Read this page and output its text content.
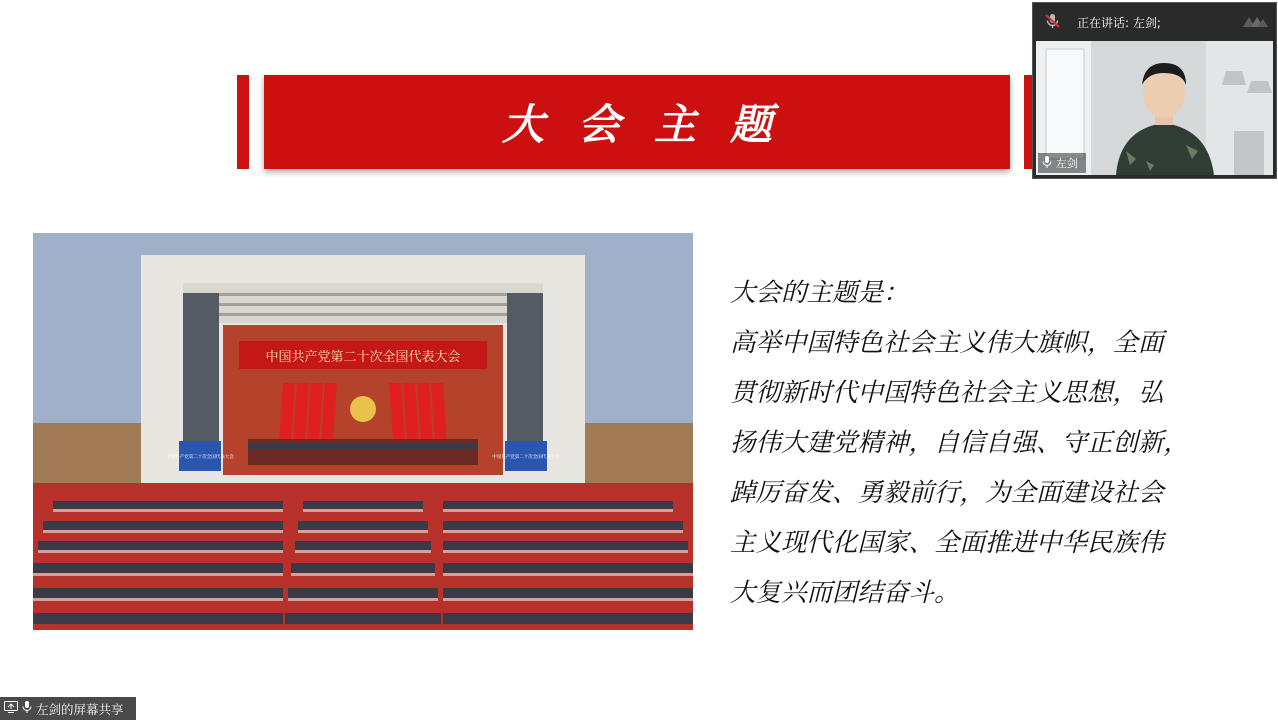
大会主题
中国共产党第二十次全国代表大会
中国共产党第二十次全国代表大会	中国共产党第二十次全国代表大会
大会的主题是：
高举中国特色社会主义伟大旗帜，全面
贯彻新时代中国特色社会主义思想，弘
扬伟大建党精神，自信自强、守正创新，
踔厉奋发、勇毅前行，为全面建设社会
主义现代化国家、全面推进中华民族伟
大复兴而团结奋斗。
正在讲话: 左剑;
左剑
左剑的屏幕共享
